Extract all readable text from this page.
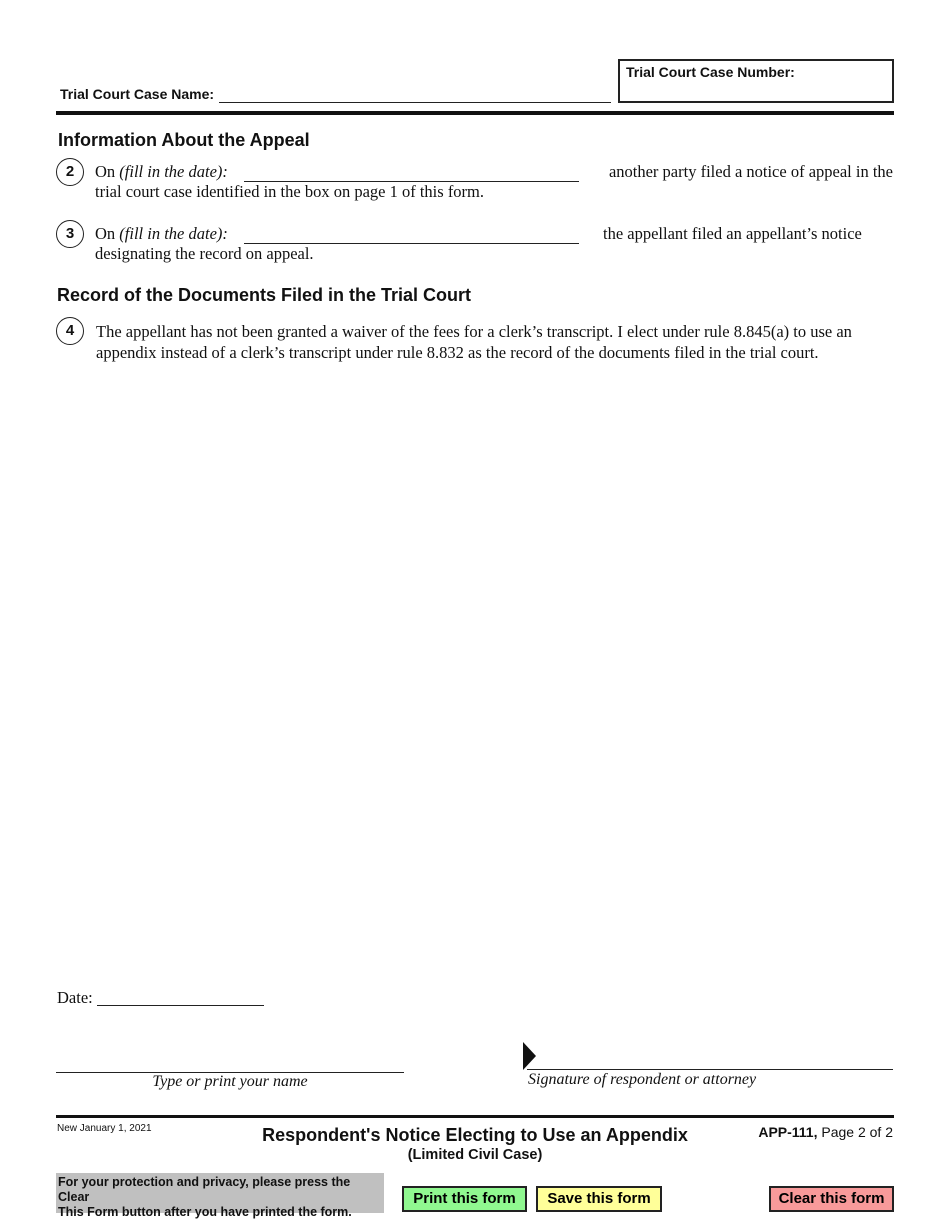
Trial Court Case Name:
Trial Court Case Number:
Information About the Appeal
2	On (fill in the date):	another party filed a notice of appeal in the
trial court case identified in the box on page 1 of this form.
3	On (fill in the date):	the appellant filed an appellant’s notice
designating the record on appeal.
Record of the Documents Filed in the Trial Court
4	The appellant has not been granted a waiver of the fees for a clerk’s transcript. I elect under rule 8.845(a) to use an
appendix instead of a clerk’s transcript under rule 8.832 as the record of the documents filed in the trial court.
Date:
Type or print your name	Signature of respondent or attorney
New January 1, 2021	Respondent's Notice Electing to Use an Appendix
(Limited Civil Case)
APP-111, Page 2 of 2
For your protection and privacy, please press the Clear
This Form button after you have printed the form.
Print this form	Save this form	Clear this form
